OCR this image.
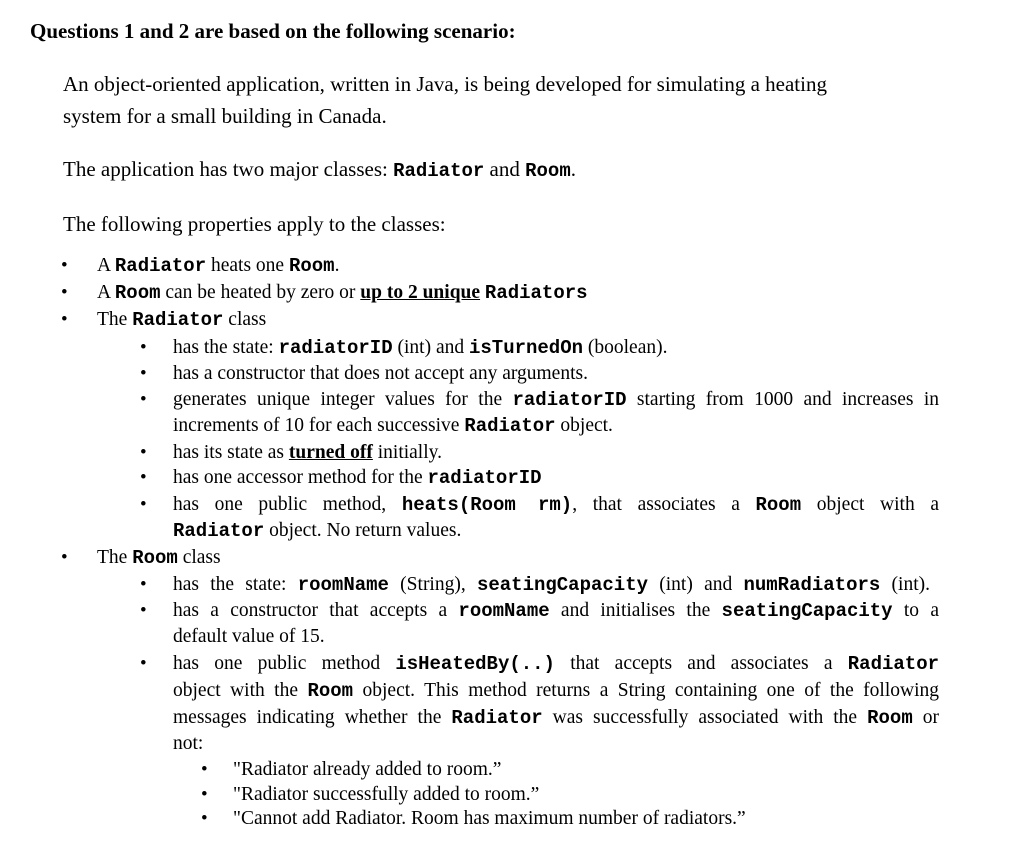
Questions 1 and 2 are based on the following scenario:
An object-oriented application, written in Java, is being developed for simulating a heating
system for a small building in Canada.
The application has two major classes: Radiator and Room.
The following properties apply to the classes:
• A Radiator heats one Room.
• A Room can be heated by zero or up to 2 unique Radiators
• The Radiator class
• has the state: radiatorID (int) and isTurnedOn (boolean).
• has a constructor that does not accept any arguments.
• generates unique integer values for the radiatorID starting from 1000 and increases in
increments of 10 for each successive Radiator object.
• has its state as turned off initially.
• has one accessor method for the radiatorID
• has one public method, heats(Room rm), that associates a Room object with a
Radiator object. No return values.
• The Room class
• has the state: roomName (String), seatingCapacity (int) and numRadiators (int).
• has a constructor that accepts a roomName and initialises the seatingCapacity to a
default value of 15.
• has one public method isHeatedBy(..) that accepts and associates a Radiator
object with the Room object. This method returns a String containing one of the following
messages indicating whether the Radiator was successfully associated with the Room or
not:
• "Radiator already added to room.”
• "Radiator successfully added to room.”
• "Cannot add Radiator. Room has maximum number of radiators.”
